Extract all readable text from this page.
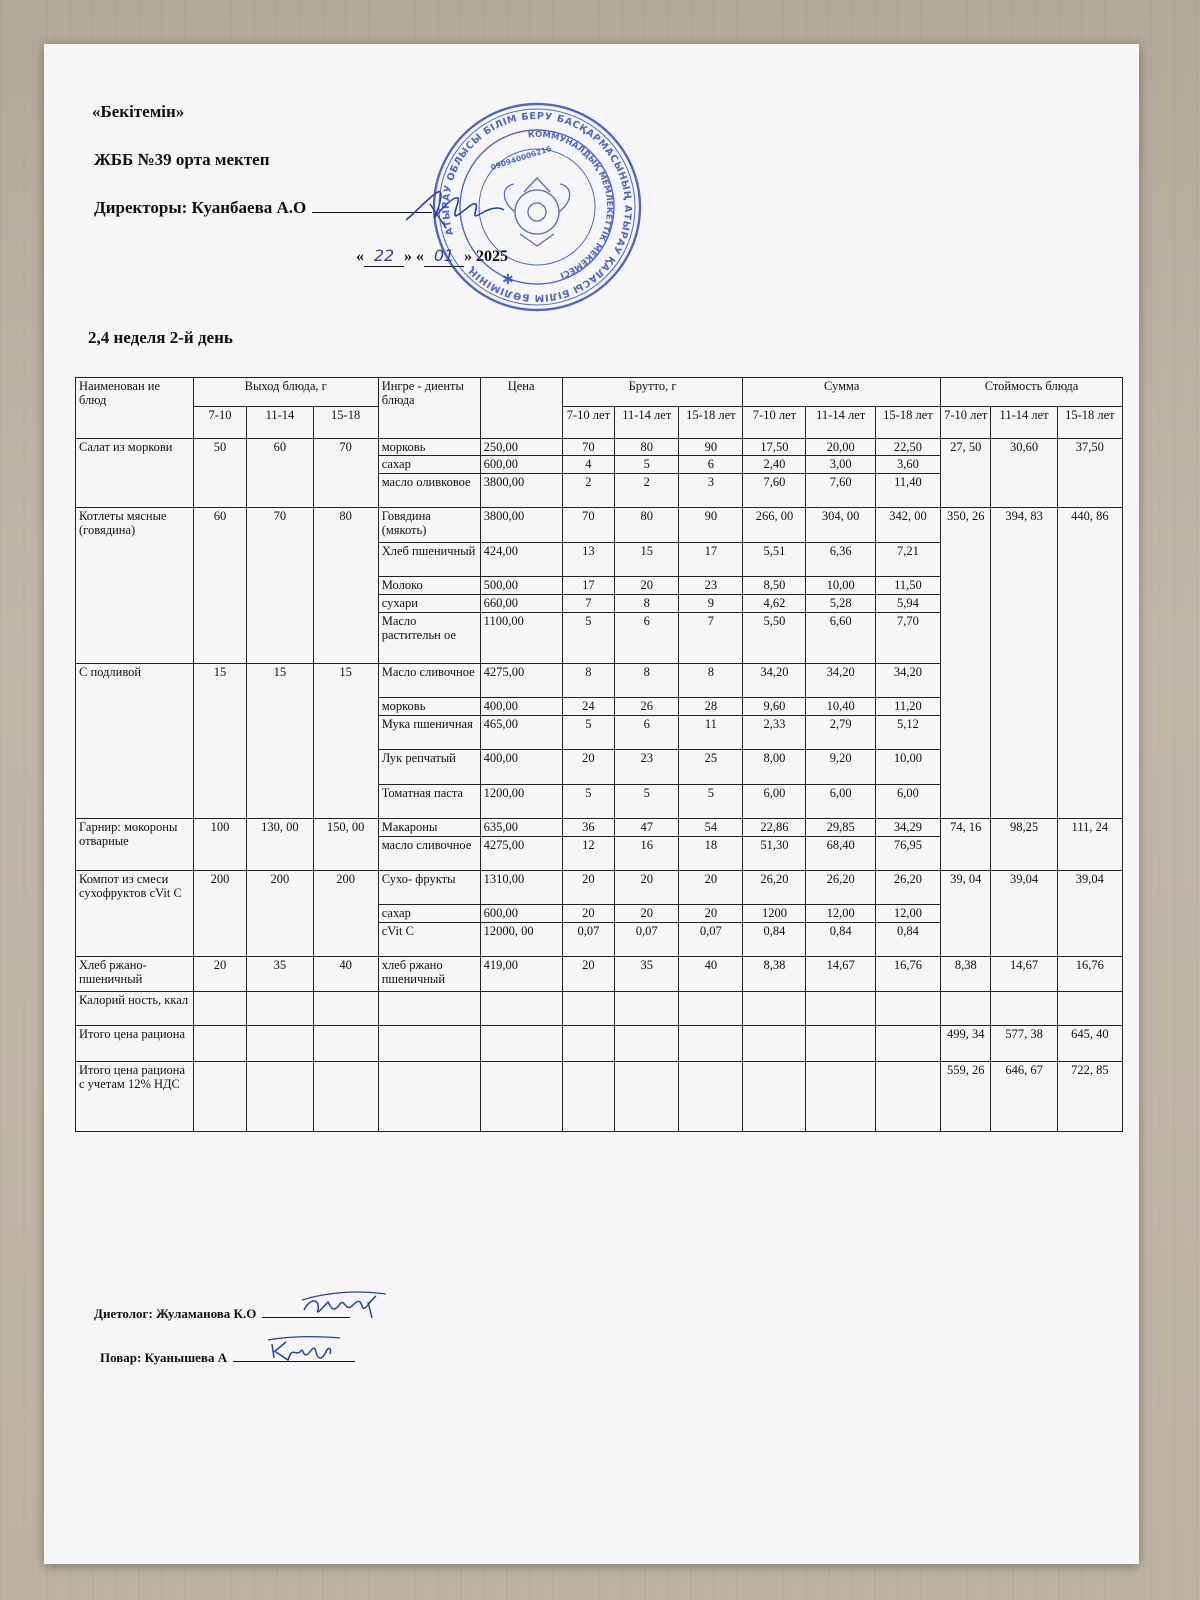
«Бекітемін»
ЖББ №39 орта мектеп
Директоры: Куанбаева А.О
« 22 » « 01 » 2025
АТЫРАУ ОБЛЫСЫ БІЛІМ БЕРУ БАСҚАРМАСЫНЫҢ АТЫРАУ ҚАЛАСЫ БІЛІМ БӨЛІМІНІҢ
КОММУНАЛДЫҚ МЕМЛЕКЕТТІК МЕКЕМЕСІ
090940006216
✱
2,4 неделя 2-й день
Наименован ие блюд	Выход блюда, г			Ингре - диенты блюда	Цена	Брутто, г			Сумма			Стоймость блюда		
	7-10	11-14	15-18			7-10 лет	11-14 лет	15-18 лет	7-10 лет	11-14 лет	15-18 лет	7-10 лет	11-14 лет	15-18 лет
Салат из моркови	50	60	70	морковь	250,00	70	80	90	17,50	20,00	22,50	27, 50	30,60	37,50
				сахар	600,00	4	5	6	2,40	3,00	3,60			
				масло оливковое	3800,00	2	2	3	7,60	7,60	11,40			
Котлеты мясные (говядина)	60	70	80	Говядина (мякоть)	3800,00	70	80	90	266, 00	304, 00	342, 00	350, 26	394, 83	440, 86
				Хлеб пшеничный	424,00	13	15	17	5,51	6,36	7,21			
				Молоко	500,00	17	20	23	8,50	10,00	11,50			
				сухари	660,00	7	8	9	4,62	5,28	5,94			
				Масло растительн ое	1100,00	5	6	7	5,50	6,60	7,70			
С подливой	15	15	15	Масло сливочное	4275,00	8	8	8	34,20	34,20	34,20			
				морковь	400,00	24	26	28	9,60	10,40	11,20			
				Мука пшеничная	465,00	5	6	11	2,33	2,79	5,12			
				Лук репчатый	400,00	20	23	25	8,00	9,20	10,00			
				Томатная паста	1200,00	5	5	5	6,00	6,00	6,00			
Гарнир: мокороны отварные	100	130, 00	150, 00	Макароны	635,00	36	47	54	22,86	29,85	34,29	74, 16	98,25	111, 24
				масло сливочное	4275,00	12	16	18	51,30	68,40	76,95			
Компот из смеси сухофруктов сVit С	200	200	200	Сухо- фрукты	1310,00	20	20	20	26,20	26,20	26,20	39, 04	39,04	39,04
				сахар	600,00	20	20	20	1200	12,00	12,00			
				сVit С	12000, 00	0,07	0,07	0,07	0,84	0,84	0,84			
Хлеб ржано-пшеничный	20	35	40	хлеб ржано пшеничный	419,00	20	35	40	8,38	14,67	16,76	8,38	14,67	16,76
Калорий ность, ккал														
Итого цена рациона												499, 34	577, 38	645, 40
Итого цена рациона с учетам 12% НДС												559, 26	646, 67	722, 85
Диетолог: Жуламанова К.О
Повар: Куанышева А
